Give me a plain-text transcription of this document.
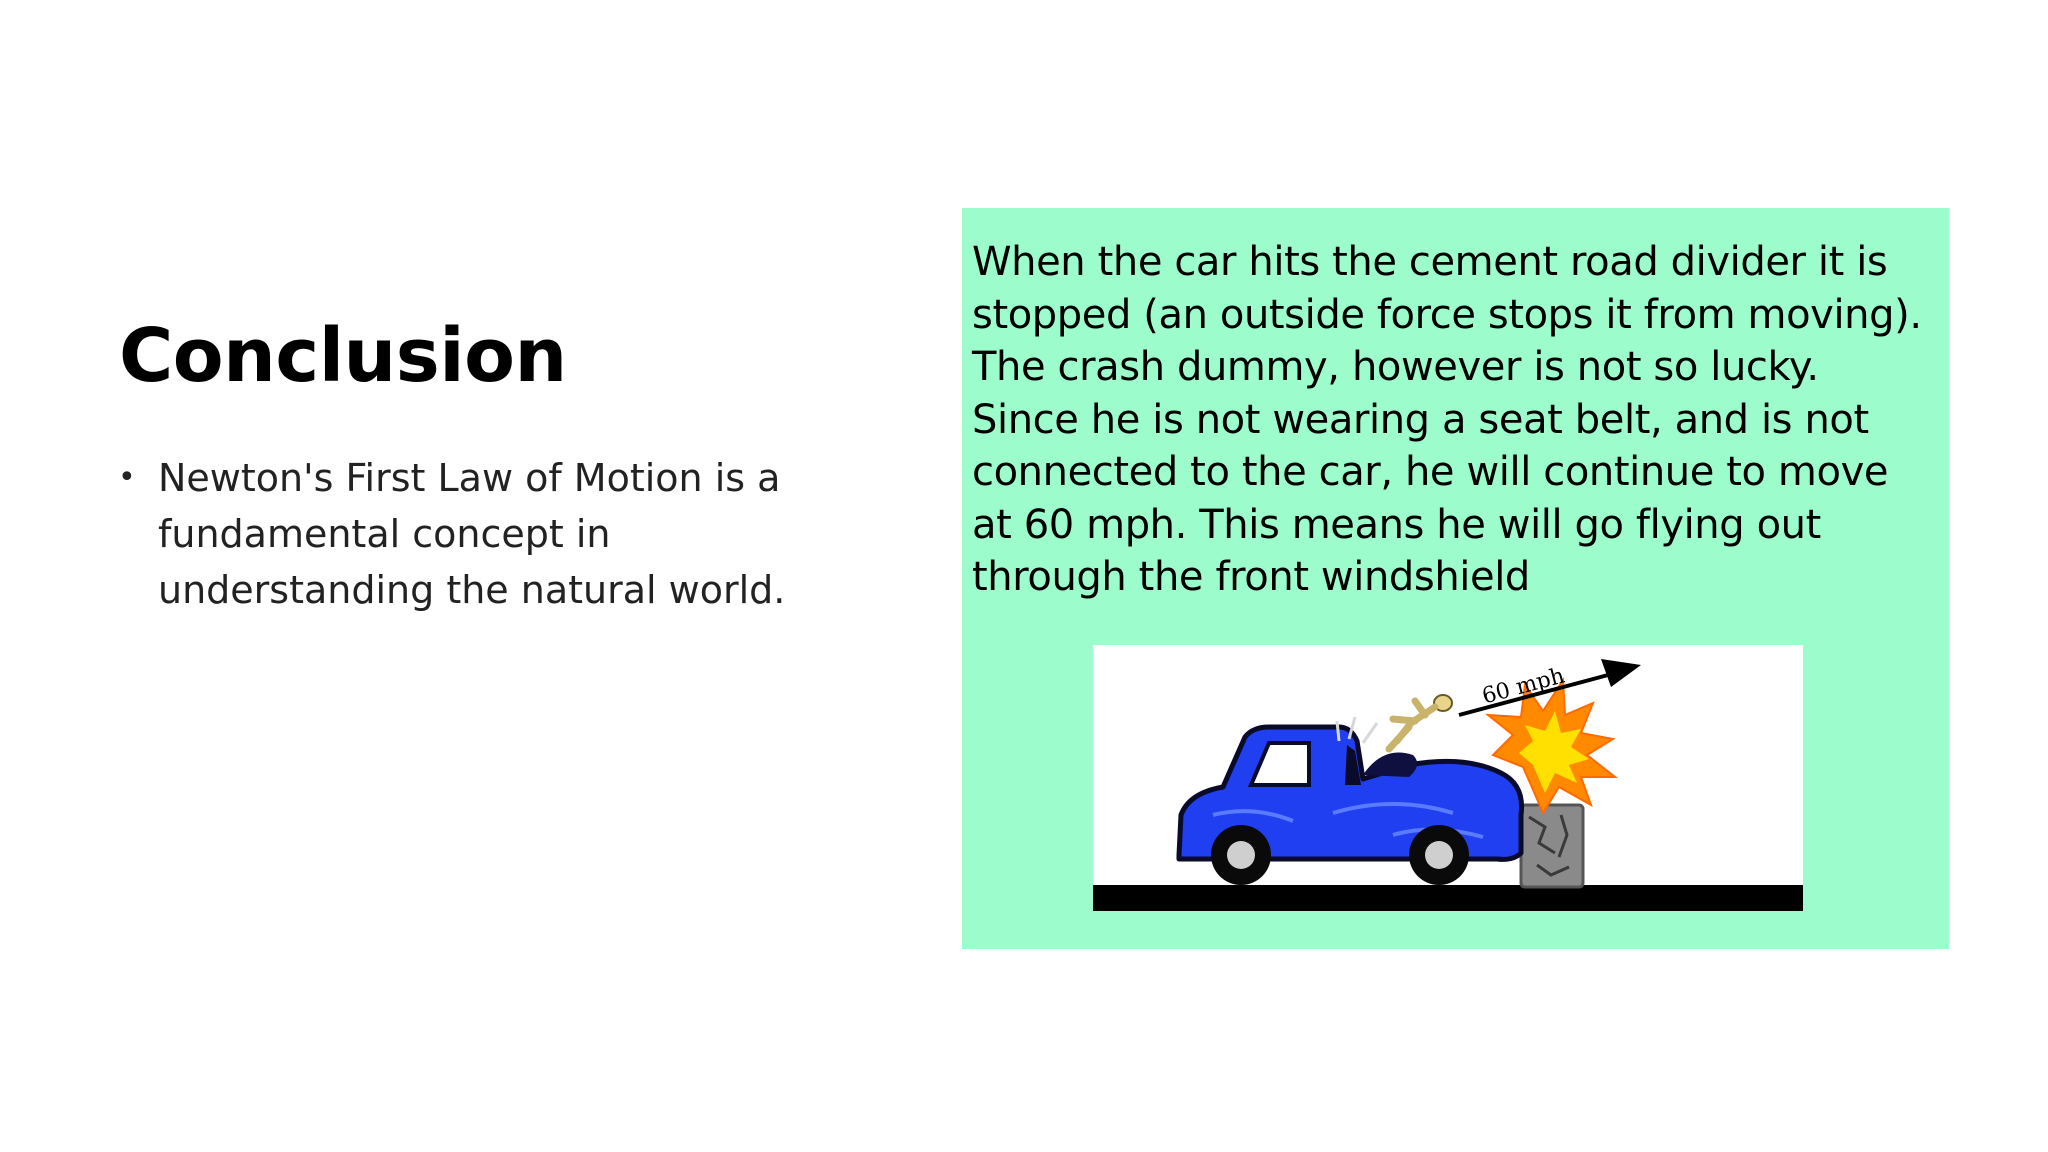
Conclusion
• Newton's First Law of Motion is a fundamental concept in understanding the natural world.

When the car hits the cement road divider it is stopped (an outside force stops it from moving). The crash dummy, however is not so lucky. Since he is not wearing a seat belt, and is not connected to the car, he will continue to move at 60 mph. This means he will go flying out through the front windshield

60 mph
